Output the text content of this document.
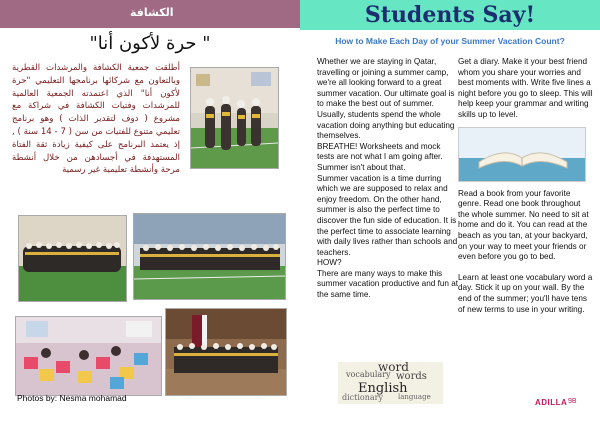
الكشافة
" حرة لأكون أنا"
أطلقت جمعية الكشافة والمرشدات القطرية وبالتعاون مع شركائها برنامجها التعليمي "حرة لأكون أنا" الذي اعتمدته الجمعية العالمية للمرشدات وفتيات الكشافة في شراكة مع مشروع ( دوف لتقدير الذات ) وهو برنامج تعليمي متنوع للفتيات من سن ( 7 - 14 سنة ) , إذ يعتمد البرنامج على كيفية زيادة ثقة الفتاة المستهدفة في أجسادهن من خلال أنشطة مرحة وأنشطة تعليمية غير رسمية
Photos by: Nesma mohamad
Students Say!
How to Make Each Day of your Summer Vacation Count?

Whether we are staying in Qatar, travelling or joining a summer camp, we're all looking forward to a great summer vacation. Our ultimate goal is to make the best out of summer.

Usually, students spend the whole vacation doing anything but educating themselves.

BREATHE! Worksheets and mock tests are not what I am going after. Summer isn't about that.

Summer vacation is a time durring which we are supposed to relax and enjoy freedom. On the other hand, summer is also the perfect time to discover the fun side of education. It is the perfect time to associate learning with daily lives rather than schools and teachers.

HOW?

There are many ways to make this summer vacation productive and fun at the same time.

Get a diary. Make it your best friend whom you share your worries and best moments with. Write five lines a night before you go to sleep. This will help keep your grammar and writing skills up to level.

Read a book from your favorite genre. Read one book throughout the whole summer. No need to sit at home and do it. You can read at the beach as you tan, at your backyard, on your way to meet your friends or even before you go to bed.

Learn at least one vocabulary word a day. Stick it up on your wall. By the end of the summer; you'll have tens of new terms to use in your writing.

word
vocabulary words
English
dictionary language
ADILLA 9B
